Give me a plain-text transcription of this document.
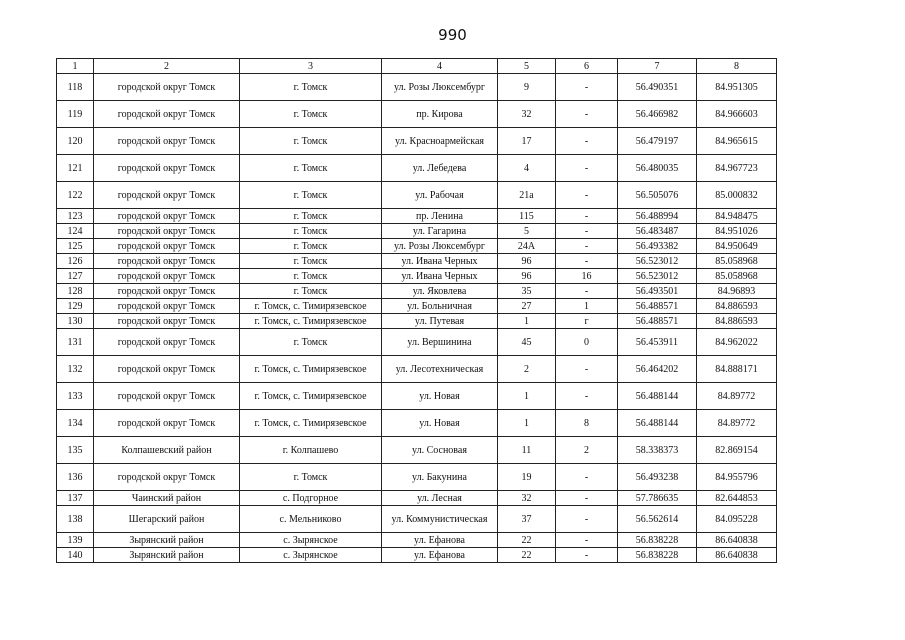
990
1	2	3	4	5	6	7	8
118	городской округ Томск	г. Томск	ул. Розы Люксембург	9	-	56.490351	84.951305
119	городской округ Томск	г. Томск	пр. Кирова	32	-	56.466982	84.966603
120	городской округ Томск	г. Томск	ул. Красноармейская	17	-	56.479197	84.965615
121	городской округ Томск	г. Томск	ул. Лебедева	4	-	56.480035	84.967723
122	городской округ Томск	г. Томск	ул. Рабочая	21а	-	56.505076	85.000832
123	городской округ Томск	г. Томск	пр. Ленина	115	-	56.488994	84.948475
124	городской округ Томск	г. Томск	ул. Гагарина	5	-	56.483487	84.951026
125	городской округ Томск	г. Томск	ул. Розы Люксембург	24А	-	56.493382	84.950649
126	городской округ Томск	г. Томск	ул. Ивана Черных	96	-	56.523012	85.058968
127	городской округ Томск	г. Томск	ул. Ивана Черных	96	16	56.523012	85.058968
128	городской округ Томск	г. Томск	ул. Яковлева	35	-	56.493501	84.96893
129	городской округ Томск	г. Томск, с. Тимирязевское	ул. Больничная	27	1	56.488571	84.886593
130	городской округ Томск	г. Томск, с. Тимирязевское	ул. Путевая	1	г	56.488571	84.886593
131	городской округ Томск	г. Томск	ул. Вершинина	45	0	56.453911	84.962022
132	городской округ Томск	г. Томск, с. Тимирязевское	ул. Лесотехническая	2	-	56.464202	84.888171
133	городской округ Томск	г. Томск, с. Тимирязевское	ул. Новая	1	-	56.488144	84.89772
134	городской округ Томск	г. Томск, с. Тимирязевское	ул. Новая	1	8	56.488144	84.89772
135	Колпашевский район	г. Колпашево	ул. Сосновая	11	2	58.338373	82.869154
136	городской округ Томск	г. Томск	ул. Бакунина	19	-	56.493238	84.955796
137	Чаинский район	с. Подгорное	ул. Лесная	32	-	57.786635	82.644853
138	Шегарский район	с. Мельниково	ул. Коммунистическая	37	-	56.562614	84.095228
139	Зырянский район	с. Зырянское	ул. Ефанова	22	-	56.838228	86.640838
140	Зырянский район	с. Зырянское	ул. Ефанова	22	-	56.838228	86.640838
